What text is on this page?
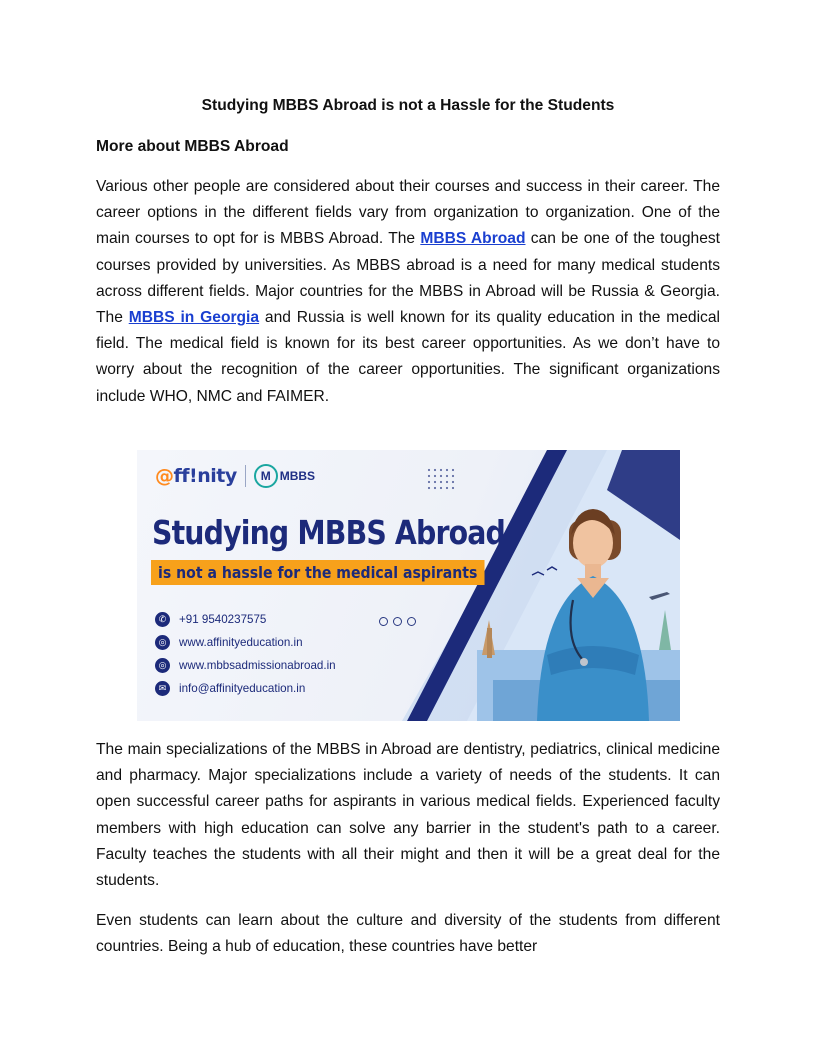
Studying MBBS Abroad is not a Hassle for the Students
More about MBBS Abroad

Various other people are considered about their courses and success in their career. The career options in the different fields vary from organization to organization. One of the main courses to opt for is MBBS Abroad. The MBBS Abroad can be one of the toughest courses provided by universities. As MBBS abroad is a need for many medical students across different fields. Major countries for the MBBS in Abroad will be Russia & Georgia. The MBBS in Georgia and Russia is well known for its quality education in the medical field. The medical field is known for its best career opportunities. As we don’t have to worry about the recognition of the career opportunities. The significant organizations include WHO, NMC and FAIMER.

@ff!nity	M MBBS
Studying MBBS Abroad
is not a hassle for the medical aspirants
✆	+91 9540237575
◎	www.affinityeducation.in
◎	www.mbbsadmissionabroad.in
✉	info@affinityeducation.in

The main specializations of the MBBS in Abroad are dentistry, pediatrics, clinical medicine and pharmacy. Major specializations include a variety of needs of the students. It can open successful career paths for aspirants in various medical fields. Experienced faculty members with high education can solve any barrier in the student's path to a career. Faculty teaches the students with all their might and then it will be a great deal for the students.

Even students can learn about the culture and diversity of the students from different countries. Being a hub of education, these countries have better
